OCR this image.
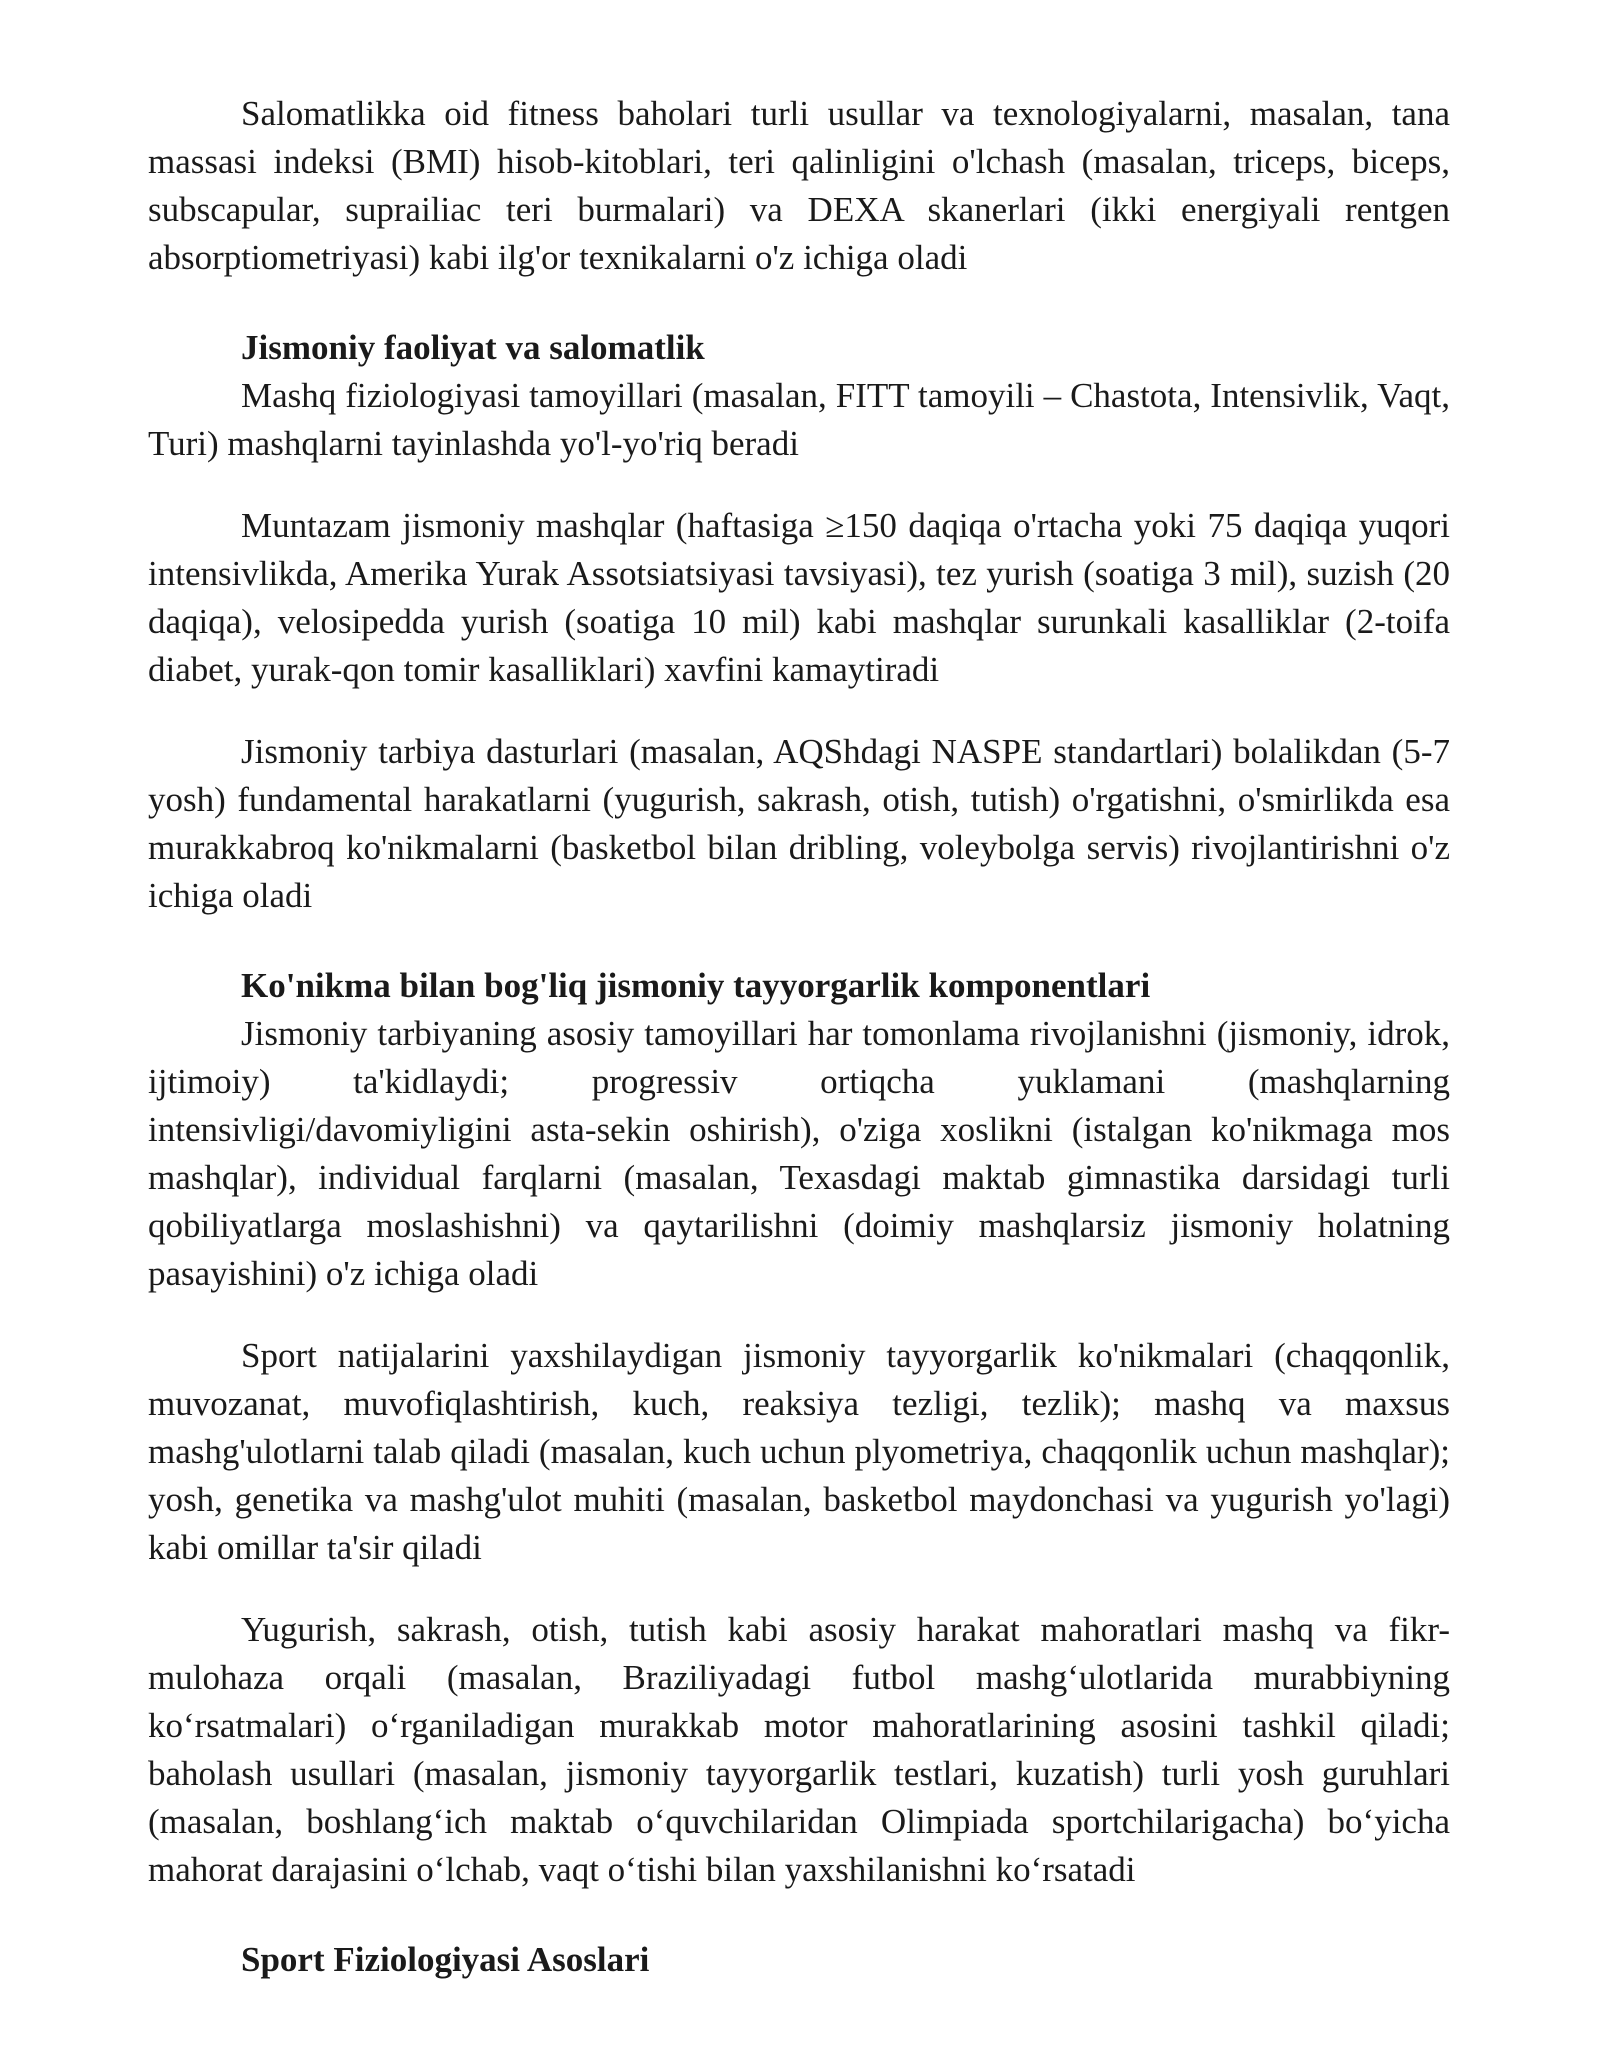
Salomatlikka oid fitness baholari turli usullar va texnologiyalarni, masalan, tana massasi indeksi (BMI) hisob-kitoblari, teri qalinligini o'lchash (masalan, triceps, biceps, subscapular, suprailiac teri burmalari) va DEXA skanerlari (ikki energiyali rentgen absorptiometriyasi) kabi ilg'or texnikalarni o'z ichiga oladi

Jismoniy faoliyat va salomatlik

Mashq fiziologiyasi tamoyillari (masalan, FITT tamoyili – Chastota, Intensivlik, Vaqt, Turi) mashqlarni tayinlashda yo'l-yo'riq beradi

Muntazam jismoniy mashqlar (haftasiga ≥150 daqiqa o'rtacha yoki 75 daqiqa yuqori intensivlikda, Amerika Yurak Assotsiatsiyasi tavsiyasi), tez yurish (soatiga 3 mil), suzish (20 daqiqa), velosipedda yurish (soatiga 10 mil) kabi mashqlar surunkali kasalliklar (2-toifa diabet, yurak-qon tomir kasalliklari) xavfini kamaytiradi

Jismoniy tarbiya dasturlari (masalan, AQShdagi NASPE standartlari) bolalikdan (5-7 yosh) fundamental harakatlarni (yugurish, sakrash, otish, tutish) o'rgatishni, o'smirlikda esa murakkabroq ko'nikmalarni (basketbol bilan dribling, voleybolga servis) rivojlantirishni o'z ichiga oladi

Ko'nikma bilan bog'liq jismoniy tayyorgarlik komponentlari

Jismoniy tarbiyaning asosiy tamoyillari har tomonlama rivojlanishni (jismoniy, idrok, ijtimoiy) ta'kidlaydi; progressiv ortiqcha yuklamani (mashqlarning intensivligi/davomiyligini asta-sekin oshirish), o'ziga xoslikni (istalgan ko'nikmaga mos mashqlar), individual farqlarni (masalan, Texasdagi maktab gimnastika darsidagi turli qobiliyatlarga moslashishni) va qaytarilishni (doimiy mashqlarsiz jismoniy holatning pasayishini) o'z ichiga oladi

Sport natijalarini yaxshilaydigan jismoniy tayyorgarlik ko'nikmalari (chaqqonlik, muvozanat, muvofiqlashtirish, kuch, reaksiya tezligi, tezlik); mashq va maxsus mashg'ulotlarni talab qiladi (masalan, kuch uchun plyometriya, chaqqonlik uchun mashqlar); yosh, genetika va mashg'ulot muhiti (masalan, basketbol maydonchasi va yugurish yo'lagi) kabi omillar ta'sir qiladi

Yugurish, sakrash, otish, tutish kabi asosiy harakat mahoratlari mashq va fikr-mulohaza orqali (masalan, Braziliyadagi futbol mashg‘ulotlarida murabbiyning ko‘rsatmalari) o‘rganiladigan murakkab motor mahoratlarining asosini tashkil qiladi; baholash usullari (masalan, jismoniy tayyorgarlik testlari, kuzatish) turli yosh guruhlari (masalan, boshlang‘ich maktab o‘quvchilaridan Olimpiada sportchilarigacha) bo‘yicha mahorat darajasini o‘lchab, vaqt o‘tishi bilan yaxshilanishni ko‘rsatadi

Sport Fiziologiyasi Asoslari
